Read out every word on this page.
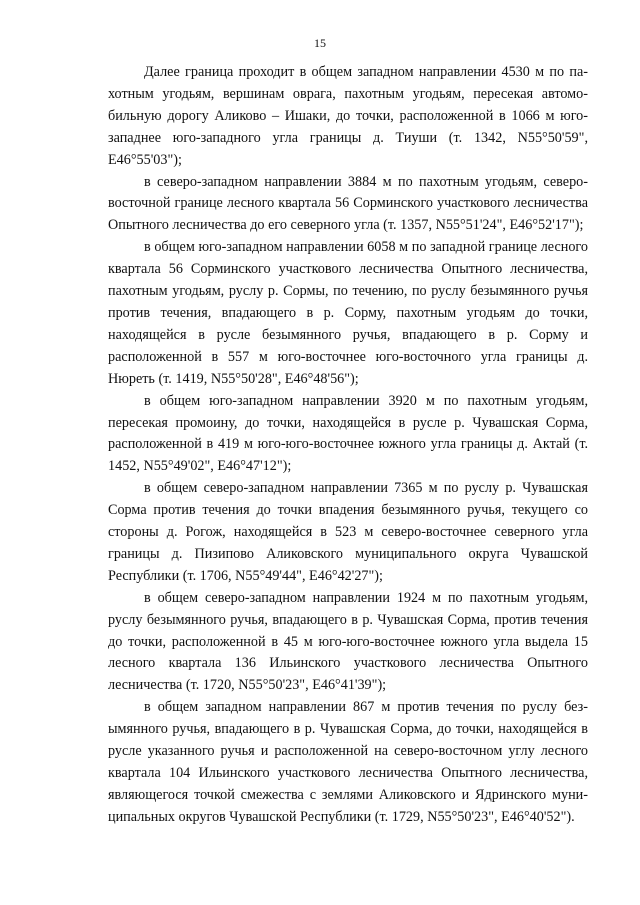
15

Далее граница проходит в общем западном направлении 4530 м по пахотным угодьям, вершинам оврага, пахотным угодьям, пересекая автомобильную дорогу Аликово – Ишаки, до точки, расположенной в 1066 м юго-западнее юго-западного угла границы д. Тиуши (т. 1342, N55°50'59", E46°55'03");

в северо-западном направлении 3884 м по пахотным угодьям, северо-восточной границе лесного квартала 56 Сорминского участкового лесничества Опытного лесничества до его северного угла (т. 1357, N55°51'24", E46°52'17");

в общем юго-западном направлении 6058 м по западной границе лесного квартала 56 Сорминского участкового лесничества Опытного лесничества, пахотным угодьям, руслу р. Сормы, по течению, по руслу безымянного ручья против течения, впадающего в р. Сорму, пахотным угодьям до точки, находящейся в русле безымянного ручья, впадающего в р. Сорму и расположенной в 557 м юго-восточнее юго-восточного угла границы д. Нюреть (т. 1419, N55°50'28", E46°48'56");

в общем юго-западном направлении 3920 м по пахотным угодьям, пересекая промоину, до точки, находящейся в русле р. Чувашская Сорма, расположенной в 419 м юго-юго-восточнее южного угла границы д. Актай (т. 1452, N55°49'02", E46°47'12");

в общем северо-западном направлении 7365 м по руслу р. Чувашская Сорма против течения до точки впадения безымянного ручья, текущего со стороны д. Рогож, находящейся в 523 м северо-восточнее северного угла границы д. Пизипово Аликовского муниципального округа Чувашской Республики (т. 1706, N55°49'44", E46°42'27");

в общем северо-западном направлении 1924 м по пахотным угодьям, руслу безымянного ручья, впадающего в р. Чувашская Сорма, против течения до точки, расположенной в 45 м юго-юго-восточнее южного угла выдела 15 лесного квартала 136 Ильинского участкового лесничества Опытного лесничества (т. 1720, N55°50'23", E46°41'39");

в общем западном направлении 867 м против течения по руслу безымянного ручья, впадающего в р. Чувашская Сорма, до точки, находящейся в русле указанного ручья и расположенной на северо-восточном углу лесного квартала 104 Ильинского участкового лесничества Опытного лесничества, являющегося точкой смежества с землями Аликовского и Ядринского муниципальных округов Чувашской Республики (т. 1729, N55°50'23", E46°40'52").
